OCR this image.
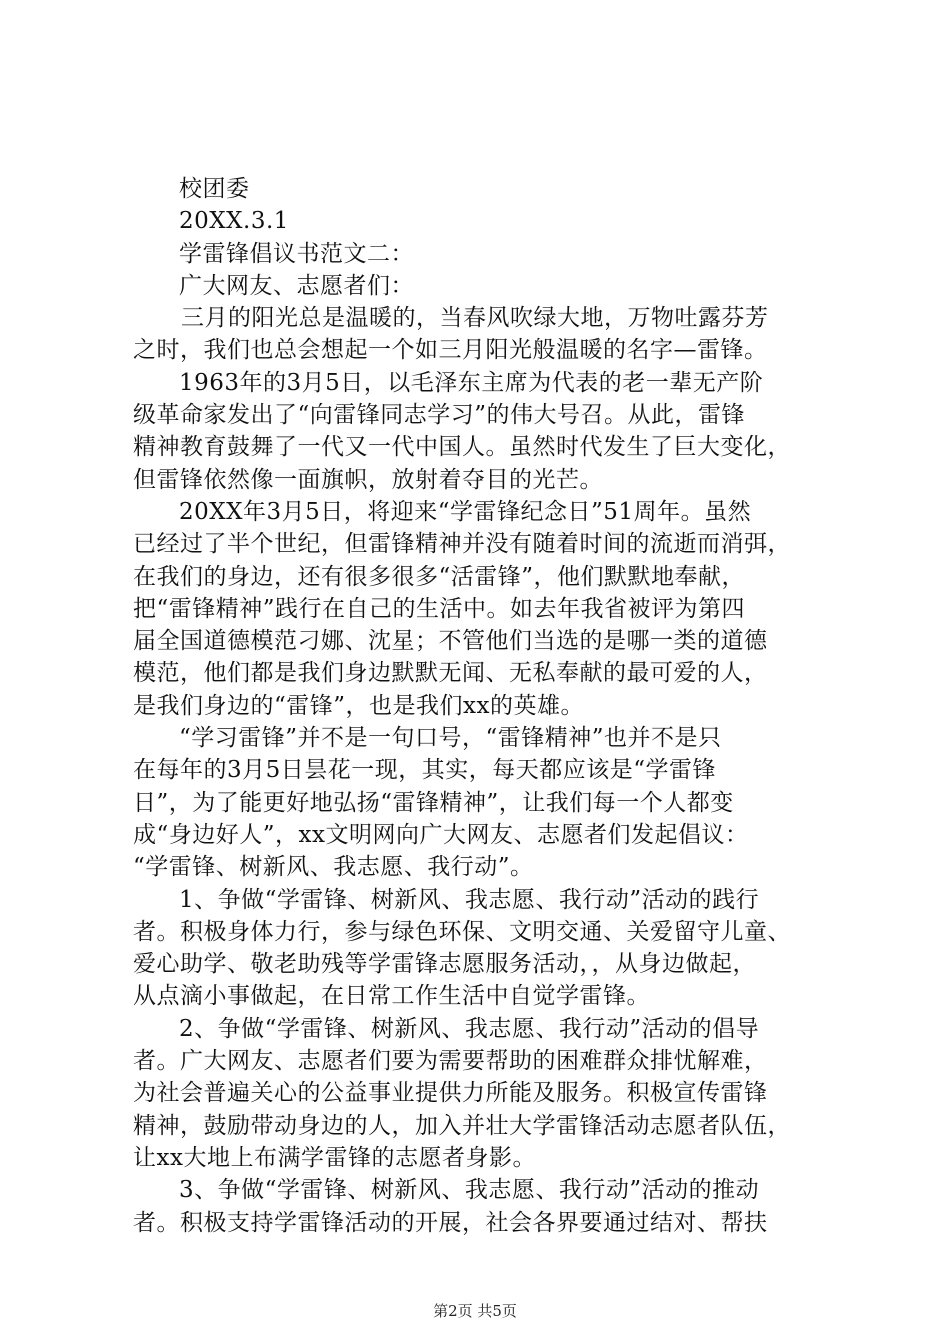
校团委
20XX.3.1
学雷锋倡议书范文二：
广大网友、志愿者们：
三月的阳光总是温暖的，当春风吹绿大地，万物吐露芬芳
之时，我们也总会想起一个如三月阳光般温暖的名字—雷锋。
1963年的3月5日，以毛泽东主席为代表的老一辈无产阶
级革命家发出了“向雷锋同志学习”的伟大号召。从此，雷锋
精神教育鼓舞了一代又一代中国人。虽然时代发生了巨大变化，
但雷锋依然像一面旗帜，放射着夺目的光芒。
20XX年3月5日，将迎来“学雷锋纪念日”51周年。虽然
已经过了半个世纪，但雷锋精神并没有随着时间的流逝而消弭，
在我们的身边，还有很多很多“活雷锋”，他们默默地奉献，
把“雷锋精神”践行在自己的生活中。如去年我省被评为第四
届全国道德模范刁娜、沈星；不管他们当选的是哪一类的道德
模范，他们都是我们身边默默无闻、无私奉献的最可爱的人，
是我们身边的“雷锋”，也是我们xx的英雄。
“学习雷锋”并不是一句口号，“雷锋精神”也并不是只
在每年的3月5日昙花一现，其实，每天都应该是“学雷锋
日”，为了能更好地弘扬“雷锋精神”，让我们每一个人都变
成“身边好人”，xx文明网向广大网友、志愿者们发起倡议：
“学雷锋、树新风、我志愿、我行动”。
1、争做“学雷锋、树新风、我志愿、我行动”活动的践行
者。积极身体力行，参与绿色环保、文明交通、关爱留守儿童、
爱心助学、敬老助残等学雷锋志愿服务活动，，从身边做起，
从点滴小事做起，在日常工作生活中自觉学雷锋。
2、争做“学雷锋、树新风、我志愿、我行动”活动的倡导
者。广大网友、志愿者们要为需要帮助的困难群众排忧解难，
为社会普遍关心的公益事业提供力所能及服务。积极宣传雷锋
精神，鼓励带动身边的人，加入并壮大学雷锋活动志愿者队伍，
让xx大地上布满学雷锋的志愿者身影。
3、争做“学雷锋、树新风、我志愿、我行动”活动的推动
者。积极支持学雷锋活动的开展，社会各界要通过结对、帮扶
第2页 共5页
